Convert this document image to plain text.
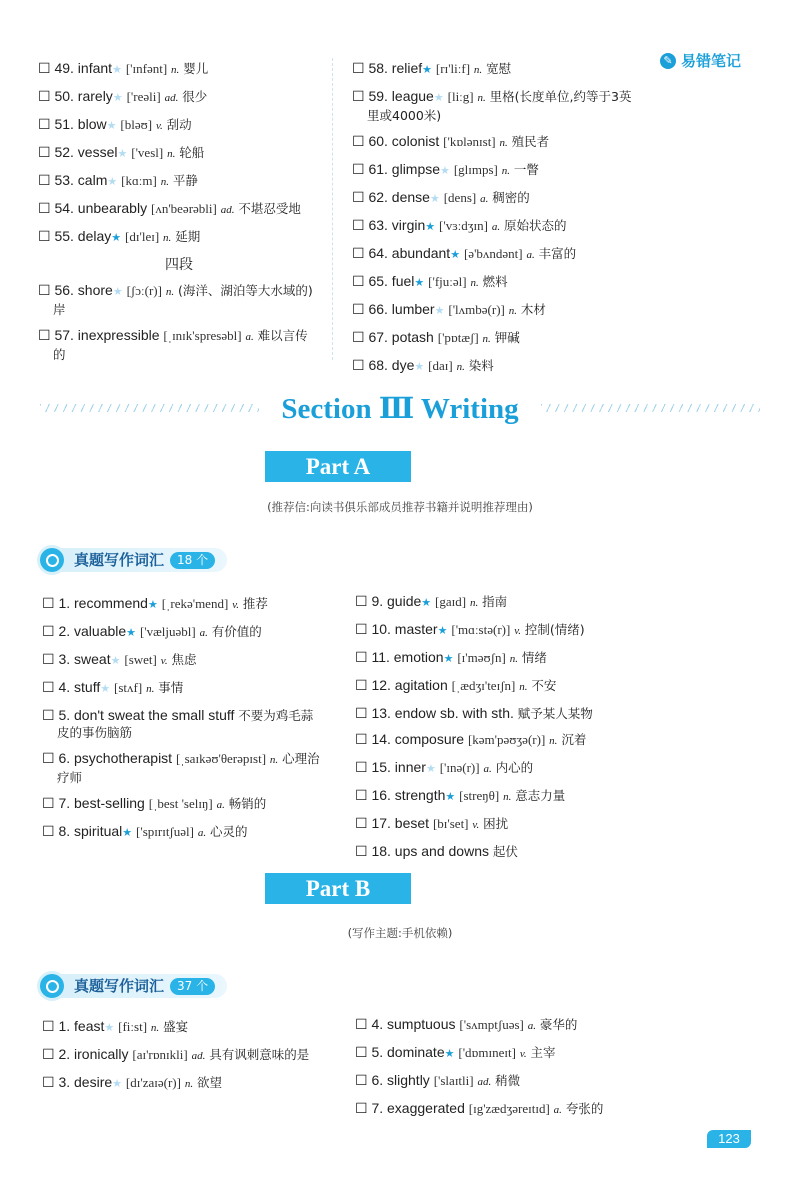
✎ 易错笔记
☐ 49. infant★ ['ɪnfənt] n. 婴儿
☐ 50. rarely★ ['reəli] ad. 很少
☐ 51. blow★ [bləʊ] v. 刮动
☐ 52. vessel★ ['vesl] n. 轮船
☐ 53. calm★ [kɑːm] n. 平静
☐ 54. unbearably [ʌn'beərəbli] ad. 不堪忍受地
☐ 55. delay★ [dɪ'leɪ] n. 延期
四段
☐ 56. shore★ [ʃɔː(r)] n. (海洋、湖泊等大水域的)岸
☐ 57. inexpressible [ˌɪnɪk'spresəbl] a. 难以言传的
☐ 58. relief★ [rɪ'liːf] n. 宽慰
☐ 59. league★ [liːg] n. 里格(长度单位,约等于3英里或4000米)
☐ 60. colonist ['kɒlənɪst] n. 殖民者
☐ 61. glimpse★ [glɪmps] n. 一瞥
☐ 62. dense★ [dens] a. 稠密的
☐ 63. virgin★ ['vɜːdʒɪn] a. 原始状态的
☐ 64. abundant★ [ə'bʌndənt] a. 丰富的
☐ 65. fuel★ ['fjuːəl] n. 燃料
☐ 66. lumber★ ['lʌmbə(r)] n. 木材
☐ 67. potash ['pɒtæʃ] n. 钾碱
☐ 68. dye★ [daɪ] n. 染料
Section Ⅲ Writing
Part A
(推荐信:向读书俱乐部成员推荐书籍并说明推荐理由)
真题写作词汇	18 个
☐ 1. recommend★ [ˌrekə'mend] v. 推荐
☐ 2. valuable★ ['væljuəbl] a. 有价值的
☐ 3. sweat★ [swet] v. 焦虑
☐ 4. stuff★ [stʌf] n. 事情
☐ 5. don't sweat the small stuff 不要为鸡毛蒜皮的事伤脑筋
☐ 6. psychotherapist [ˌsaɪkəʊ'θerəpɪst] n. 心理治疗师
☐ 7. best-selling [ˌbest 'selɪŋ] a. 畅销的
☐ 8. spiritual★ ['spɪrɪtʃuəl] a. 心灵的
☐ 9. guide★ [gaɪd] n. 指南
☐ 10. master★ ['mɑːstə(r)] v. 控制(情绪)
☐ 11. emotion★ [ɪ'məʊʃn] n. 情绪
☐ 12. agitation [ˌædʒɪ'teɪʃn] n. 不安
☐ 13. endow sb. with sth. 赋予某人某物
☐ 14. composure [kəm'pəʊʒə(r)] n. 沉着
☐ 15. inner★ ['ɪnə(r)] a. 内心的
☐ 16. strength★ [streŋθ] n. 意志力量
☐ 17. beset [bɪ'set] v. 困扰
☐ 18. ups and downs 起伏
Part B
(写作主题:手机依赖)
真题写作词汇	37 个
☐ 1. feast★ [fiːst] n. 盛宴
☐ 2. ironically [aɪ'rɒnɪkli] ad. 具有讽刺意味的是
☐ 3. desire★ [dɪ'zaɪə(r)] n. 欲望
☐ 4. sumptuous ['sʌmptʃuəs] a. 豪华的
☐ 5. dominate★ ['dɒmɪneɪt] v. 主宰
☐ 6. slightly ['slaɪtli] ad. 稍微
☐ 7. exaggerated [ɪg'zædʒəreɪtɪd] a. 夸张的
123
